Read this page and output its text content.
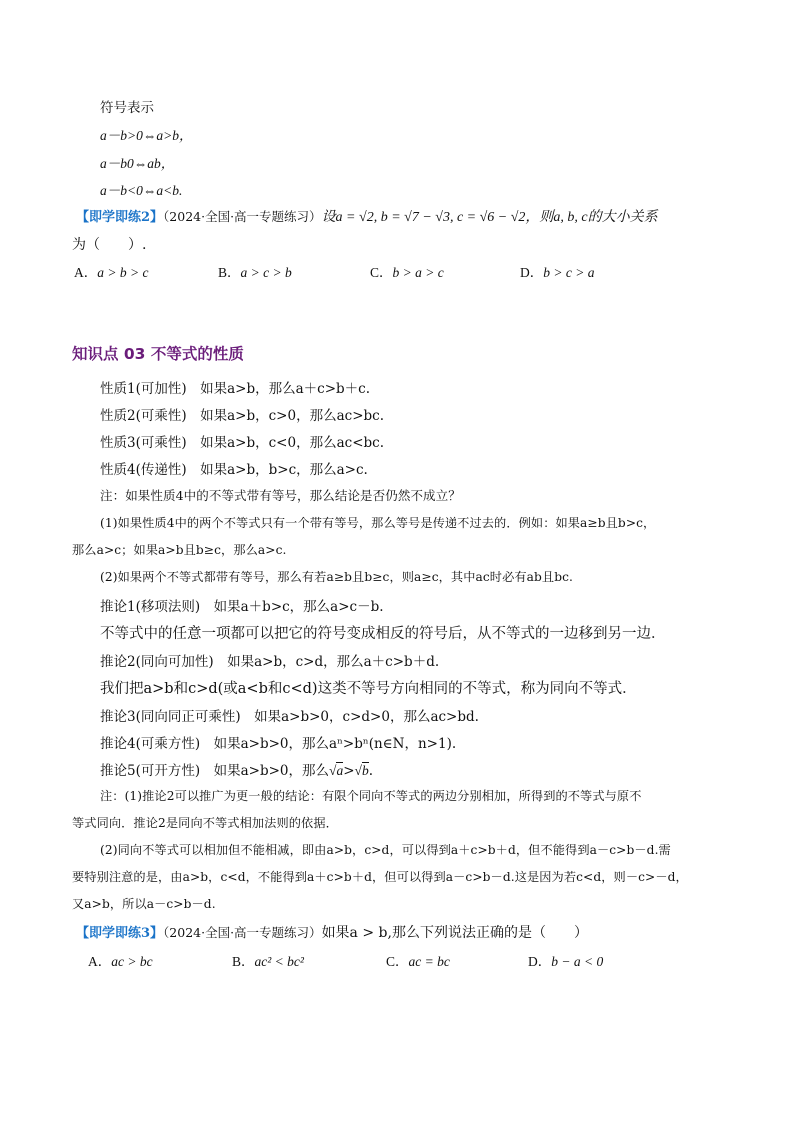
符号表示
a－b>0⇔a>b，
a－b0⇔ab，
a－b<0⇔a<b.
【即学即练2】（2024·全国·高一专题练习）设a = √2, b = √7 − √3, c = √6 − √2，则a, b, c的大小关系
为（　　）.
A．a > b > c	B．a > c > b	C．b > a > c	D．b > c > a
知识点 03 不等式的性质
性质1(可加性)　如果a>b，那么a＋c>b＋c.
性质2(可乘性)　如果a>b，c>0，那么ac>bc.
性质3(可乘性)　如果a>b，c<0，那么ac<bc.
性质4(传递性)　如果a>b，b>c，那么a>c.
注：如果性质4中的不等式带有等号，那么结论是否仍然不成立？
(1)如果性质4中的两个不等式只有一个带有等号，那么等号是传递不过去的．例如：如果a≥b且b>c，
那么a>c；如果a>b且b≥c，那么a>c.
(2)如果两个不等式都带有等号，那么有若a≥b且b≥c，则a≥c，其中ac时必有ab且bc.
推论1(移项法则)　如果a＋b>c，那么a>c－b.
不等式中的任意一项都可以把它的符号变成相反的符号后，从不等式的一边移到另一边．
推论2(同向可加性)　如果a>b，c>d，那么a＋c>b＋d.
我们把a>b和c>d(或a<b和c<d)这类不等号方向相同的不等式，称为同向不等式．
推论3(同向同正可乘性)　如果a>b>0，c>d>0，那么ac>bd.
推论4(可乘方性)　如果a>b>0，那么aⁿ>bⁿ(n∈N，n>1).
推论5(可开方性)　如果a>b>0，那么√a>√b.
注：(1)推论2可以推广为更一般的结论：有限个同向不等式的两边分别相加，所得到的不等式与原不
等式同向．推论2是同向不等式相加法则的依据．
(2)同向不等式可以相加但不能相减，即由a>b，c>d，可以得到a＋c>b＋d，但不能得到a－c>b－d.需
要特别注意的是，由a>b，c<d，不能得到a＋c>b＋d，但可以得到a－c>b－d.这是因为若c<d，则－c>－d，
又a>b，所以a－c>b－d.
【即学即练3】（2024·全国·高一专题练习）如果a > b,那么下列说法正确的是（　　）
A．ac > bc	B．ac² < bc²	C．ac = bc	D．b − a < 0
